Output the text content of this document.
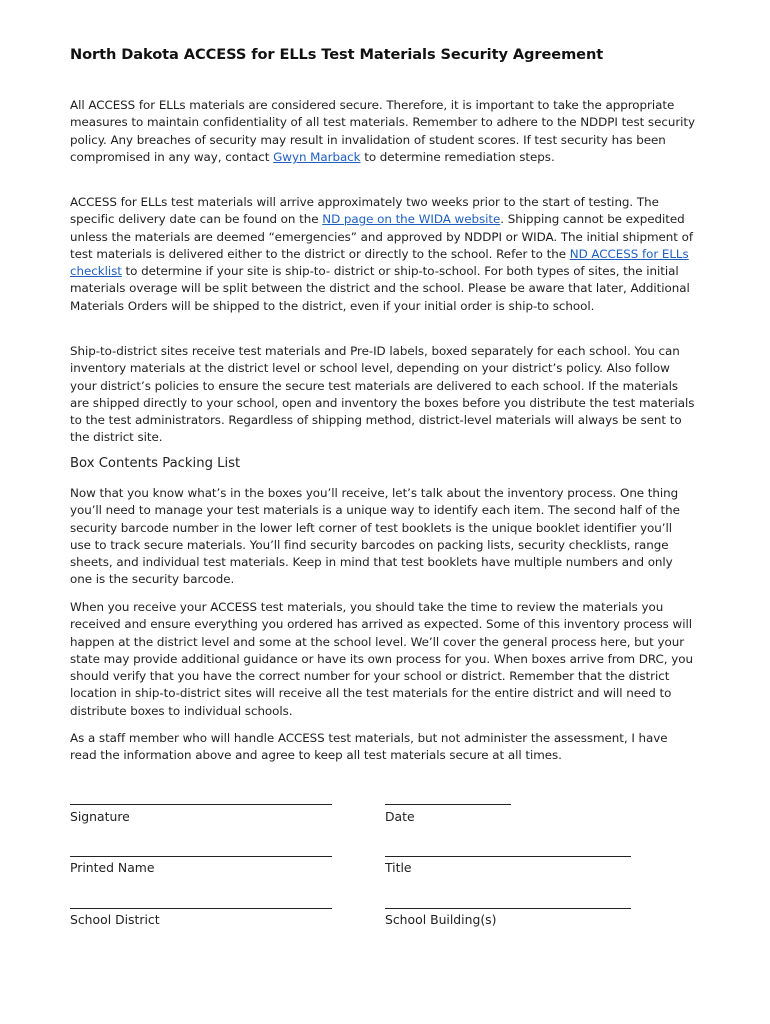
North Dakota ACCESS for ELLs Test Materials Security Agreement

All ACCESS for ELLs materials are considered secure. Therefore, it is important to take the appropriate measures to maintain confidentiality of all test materials. Remember to adhere to the NDDPI test security policy. Any breaches of security may result in invalidation of student scores. If test security has been compromised in any way, contact Gwyn Marback to determine remediation steps.

ACCESS for ELLs test materials will arrive approximately two weeks prior to the start of testing. The specific delivery date can be found on the ND page on the WIDA website. Shipping cannot be expedited unless the materials are deemed “emergencies” and approved by NDDPI or WIDA. The initial shipment of test materials is delivered either to the district or directly to the school. Refer to the ND ACCESS for ELLs checklist to determine if your site is ship-to- district or ship-to-school. For both types of sites, the initial materials overage will be split between the district and the school. Please be aware that later, Additional Materials Orders will be shipped to the district, even if your initial order is ship-to school.

Ship-to-district sites receive test materials and Pre-ID labels, boxed separately for each school. You can inventory materials at the district level or school level, depending on your district’s policy. Also follow your district’s policies to ensure the secure test materials are delivered to each school. If the materials are shipped directly to your school, open and inventory the boxes before you distribute the test materials to the test administrators. Regardless of shipping method, district-level materials will always be sent to the district site.

Box Contents Packing List

Now that you know what’s in the boxes you’ll receive, let’s talk about the inventory process. One thing you’ll need to manage your test materials is a unique way to identify each item. The second half of the security barcode number in the lower left corner of test booklets is the unique booklet identifier you’ll use to track secure materials. You’ll find security barcodes on packing lists, security checklists, range sheets, and individual test materials. Keep in mind that test booklets have multiple numbers and only one is the security barcode.

When you receive your ACCESS test materials, you should take the time to review the materials you received and ensure everything you ordered has arrived as expected. Some of this inventory process will happen at the district level and some at the school level. We’ll cover the general process here, but your state may provide additional guidance or have its own process for you. When boxes arrive from DRC, you should verify that you have the correct number for your school or district. Remember that the district location in ship-to-district sites will receive all the test materials for the entire district and will need to distribute boxes to individual schools.

As a staff member who will handle ACCESS test materials, but not administer the assessment, I have read the information above and agree to keep all test materials secure at all times.

Signature	Date
Printed Name	Title
School District	School Building(s)
